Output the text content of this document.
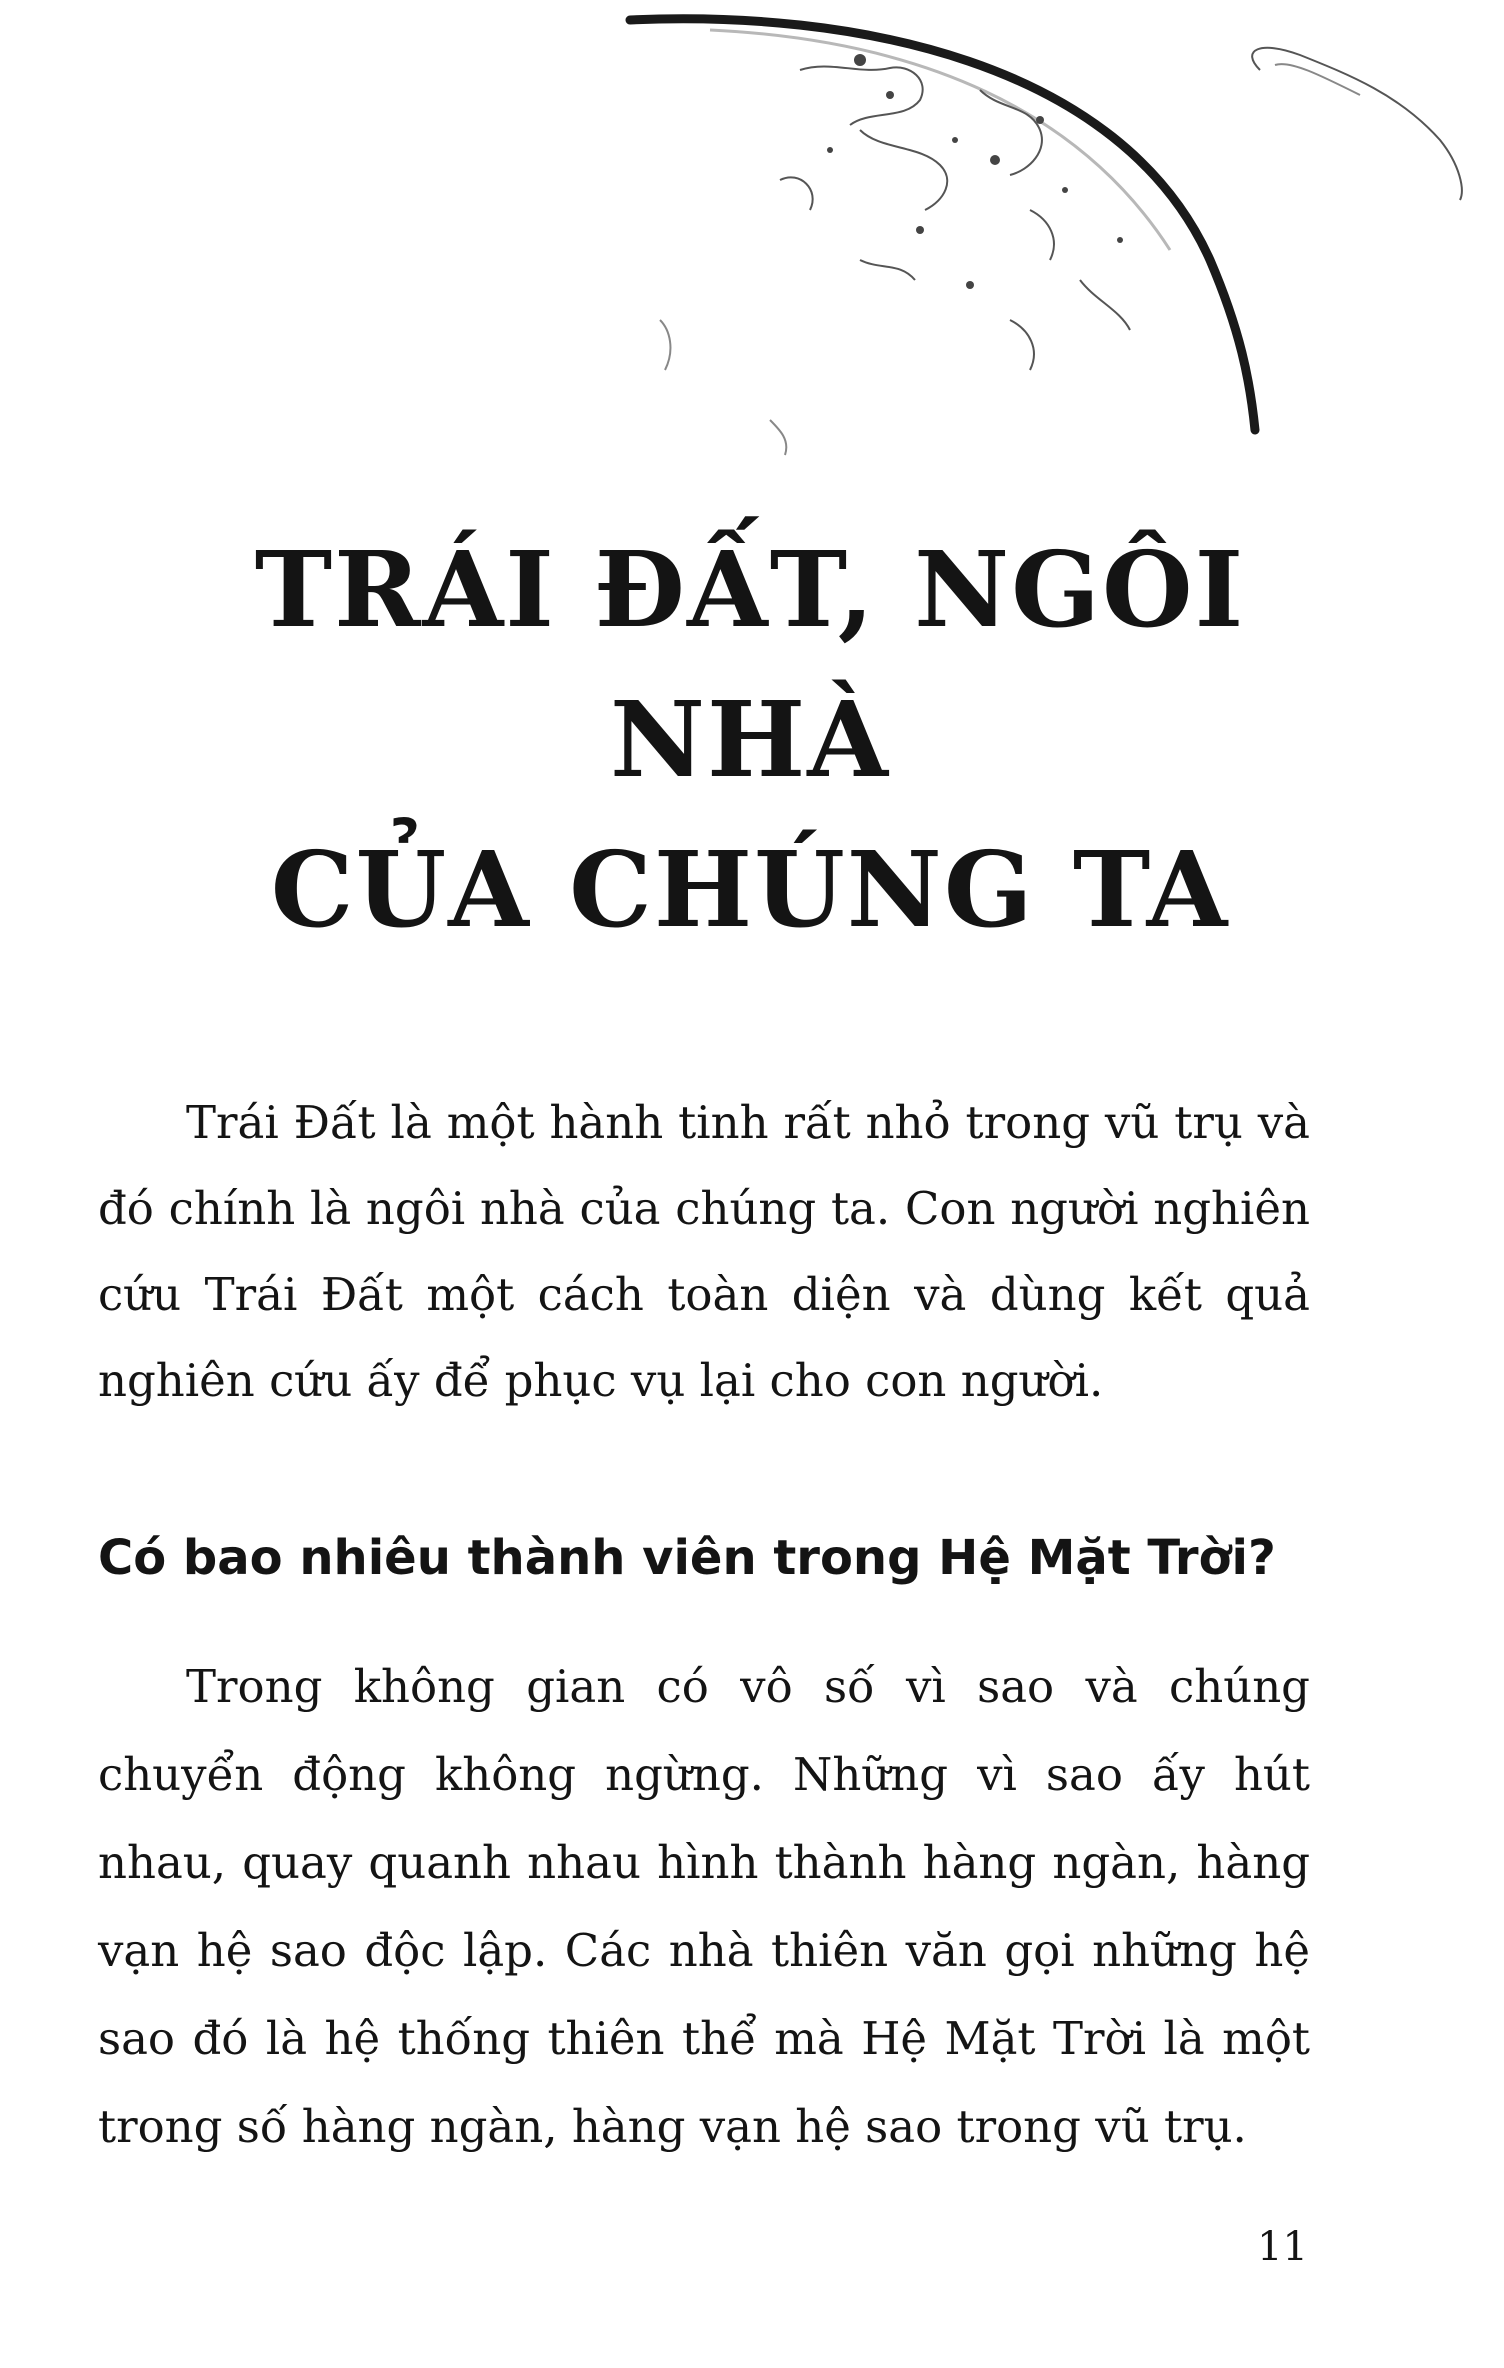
TRÁI ĐẤT, NGÔI NHÀ
CỦA CHÚNG TA

Trái Đất là một hành tinh rất nhỏ trong vũ trụ và đó chính là ngôi nhà của chúng ta. Con người nghiên cứu Trái Đất một cách toàn diện và dùng kết quả nghiên cứu ấy để phục vụ lại cho con người.

Có bao nhiêu thành viên trong Hệ Mặt Trời?

Trong không gian có vô số vì sao và chúng chuyển động không ngừng. Những vì sao ấy hút nhau, quay quanh nhau hình thành hàng ngàn, hàng vạn hệ sao độc lập. Các nhà thiên văn gọi những hệ sao đó là hệ thống thiên thể mà Hệ Mặt Trời là một trong số hàng ngàn, hàng vạn hệ sao trong vũ trụ.

11
